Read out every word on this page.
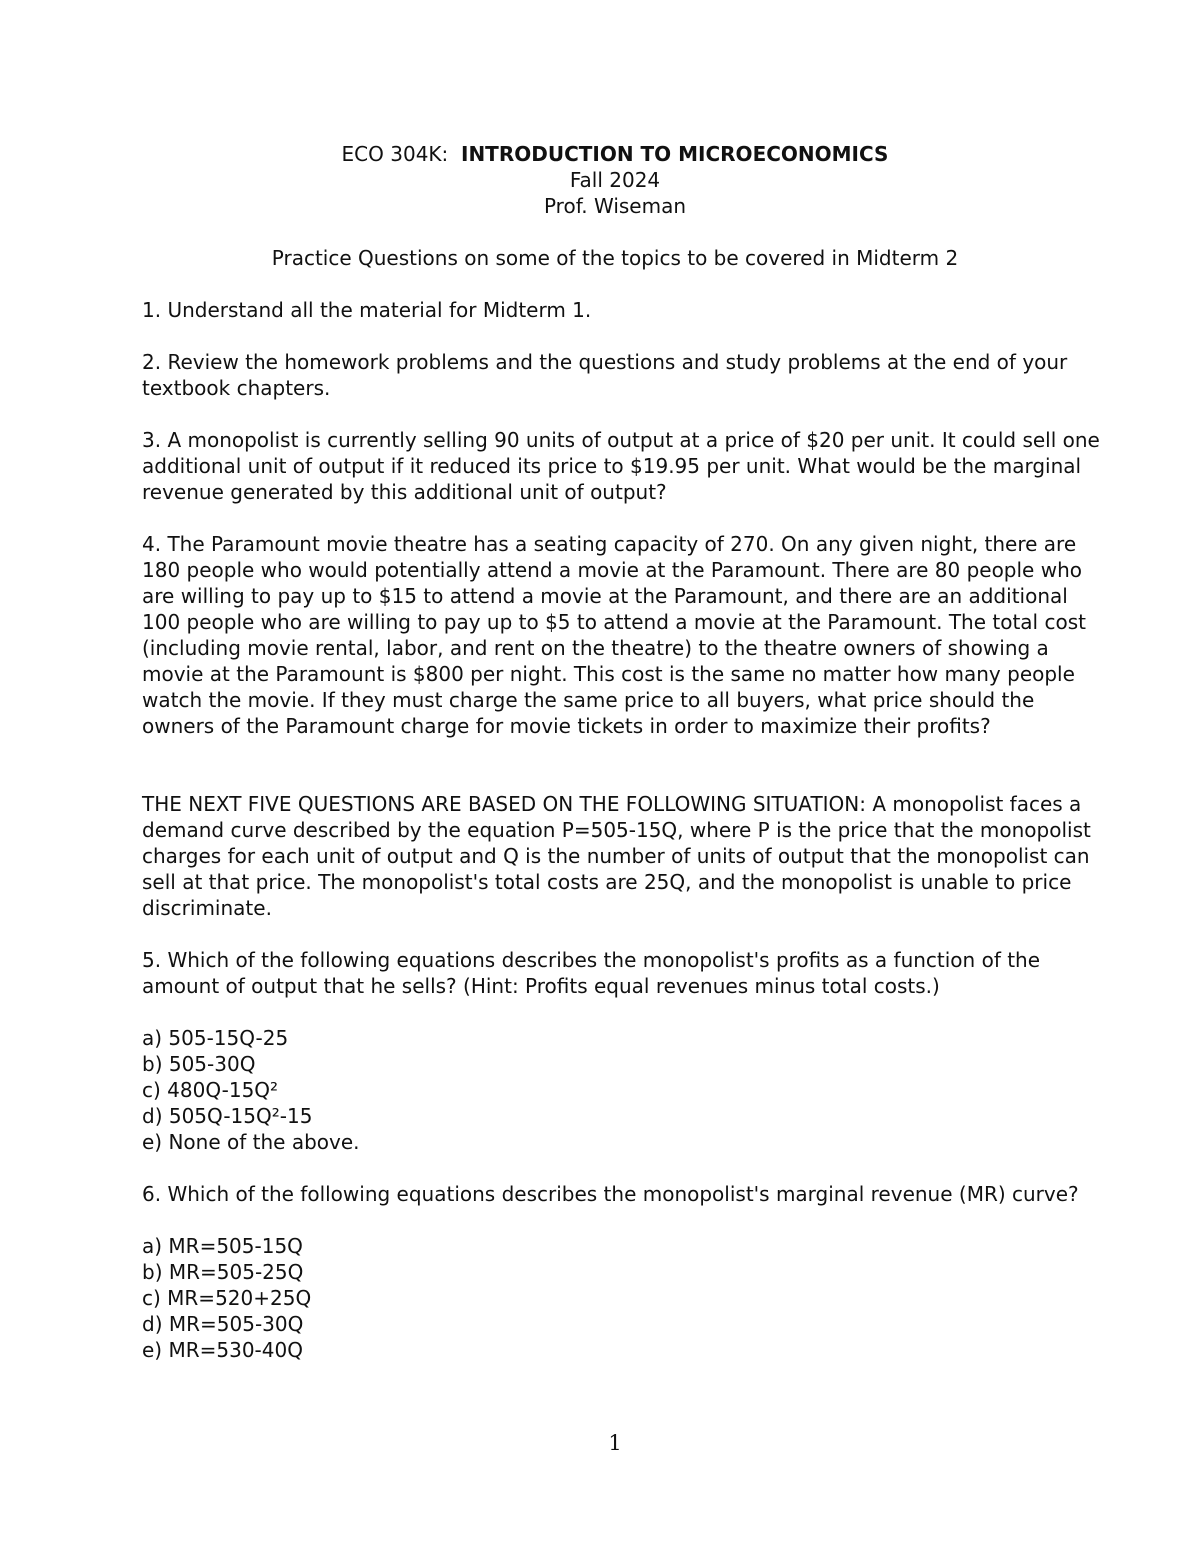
ECO 304K: INTRODUCTION TO MICROECONOMICS
Fall 2024
Prof. Wiseman
Practice Questions on some of the topics to be covered in Midterm 2

1. Understand all the material for Midterm 1.

2. Review the homework problems and the questions and study problems at the end of your textbook chapters.

3. A monopolist is currently selling 90 units of output at a price of $20 per unit. It could sell one additional unit of output if it reduced its price to $19.95 per unit. What would be the marginal revenue generated by this additional unit of output?

4. The Paramount movie theatre has a seating capacity of 270. On any given night, there are 180 people who would potentially attend a movie at the Paramount. There are 80 people who are willing to pay up to $15 to attend a movie at the Paramount, and there are an additional 100 people who are willing to pay up to $5 to attend a movie at the Paramount. The total cost (including movie rental, labor, and rent on the theatre) to the theatre owners of showing a movie at the Paramount is $800 per night. This cost is the same no matter how many people watch the movie. If they must charge the same price to all buyers, what price should the owners of the Paramount charge for movie tickets in order to maximize their profits?

THE NEXT FIVE QUESTIONS ARE BASED ON THE FOLLOWING SITUATION: A monopolist faces a demand curve described by the equation P=505-15Q, where P is the price that the monopolist charges for each unit of output and Q is the number of units of output that the monopolist can sell at that price. The monopolist's total costs are 25Q, and the monopolist is unable to price discriminate.

5. Which of the following equations describes the monopolist's profits as a function of the amount of output that he sells? (Hint: Profits equal revenues minus total costs.)

a) 505-15Q-25
b) 505-30Q
c) 480Q-15Q²
d) 505Q-15Q²-15
e) None of the above.

6. Which of the following equations describes the monopolist's marginal revenue (MR) curve?

a) MR=505-15Q
b) MR=505-25Q
c) MR=520+25Q
d) MR=505-30Q
e) MR=530-40Q
1
